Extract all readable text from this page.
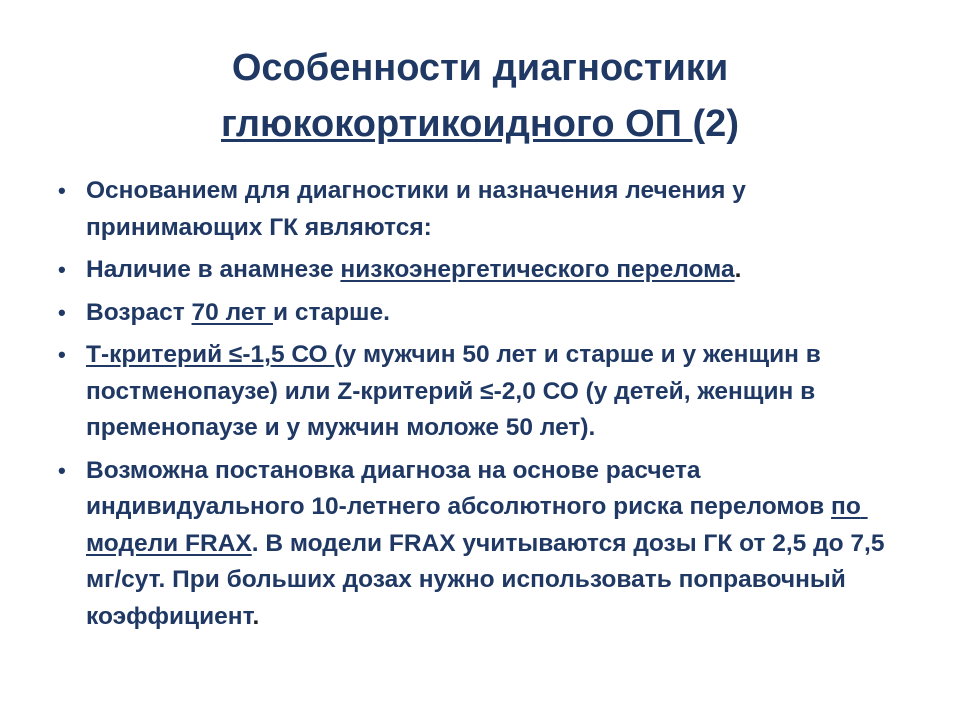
Особенности диагностики
глюкокортикоидного ОП (2)
• Основанием для диагностики и назначения лечения у принимающих ГК являются:
• Наличие в анамнезе низкоэнергетического перелома.
• Возраст 70 лет и старше.
• Т-критерий ≤-1,5 СО (у мужчин 50 лет и старше и у женщин в постменопаузе) или Z-критерий ≤-2,0 СО (у детей, женщин в пременопаузе и у мужчин моложе 50 лет).
• Возможна постановка диагноза на основе расчета индивидуального 10-летнего абсолютного риска переломов по модели FRAX. В модели FRAX учитываются дозы ГК от 2,5 до 7,5 мг/сут. При больших дозах нужно использовать поправочный коэффициент.
